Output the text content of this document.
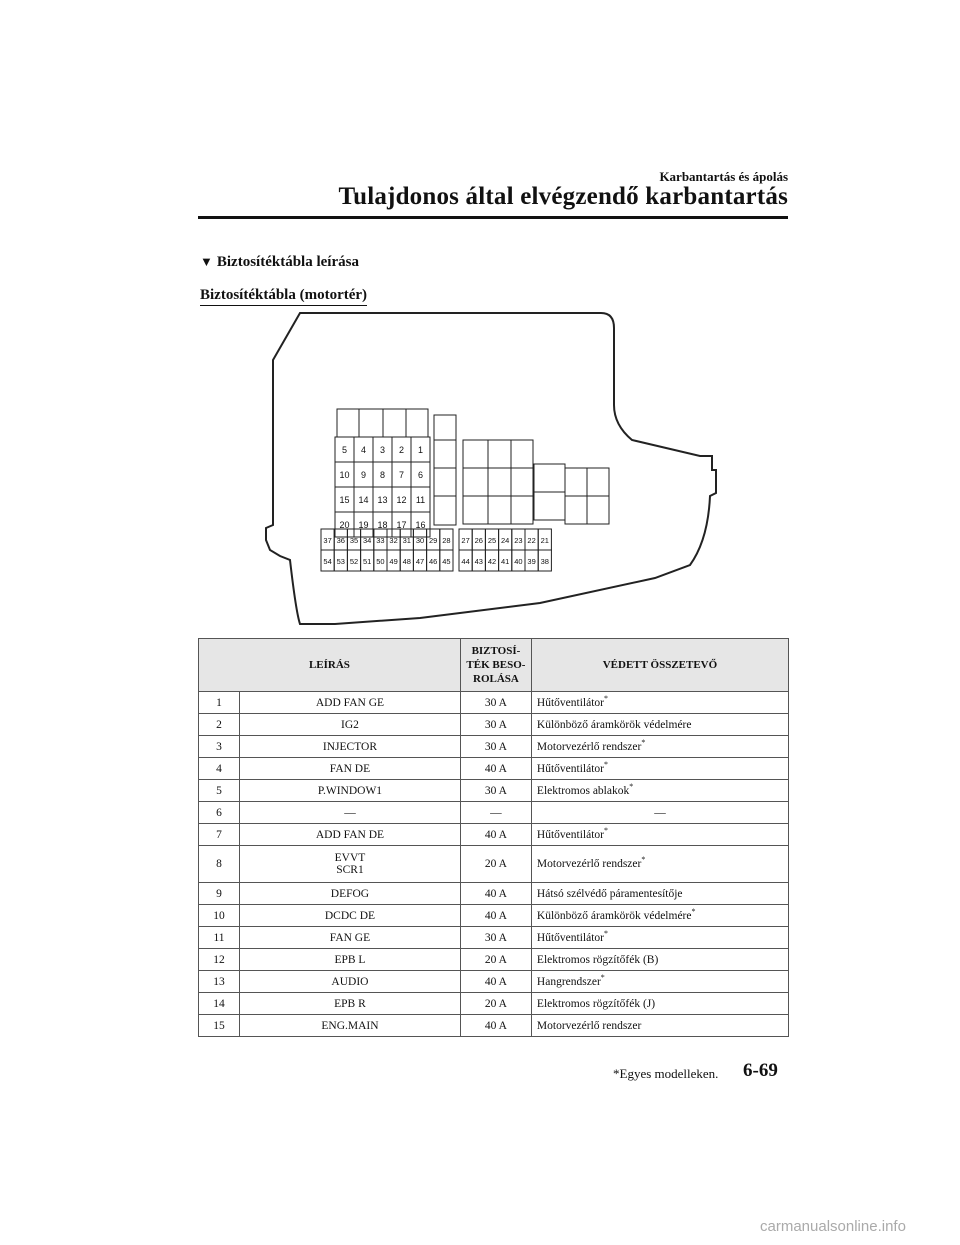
Karbantartás és ápolás
Tulajdonos által elvégzendő karbantartás
▼ Biztosítéktábla leírása
Biztosítéktábla (motortér)
5 4 3 2 1
10 9 8 7 6
15 14 13 12 11
20 19 18 17 16
37 36 35 34 33 32 31 30 29 28
54 53 52 51 50 49 48 47 46 45
27 26 25 24 23 22 21
44 43 42 41 40 39 38
LEÍRÁS		BIZTOSÍ-
TÉK BESO-
ROLÁSA	VÉDETT ÖSSZETEVŐ
1	ADD FAN GE	30 A	Hűtőventilátor*
2	IG2	30 A	Különböző áramkörök védelmére
3	INJECTOR	30 A	Motorvezérlő rendszer*
4	FAN DE	40 A	Hűtőventilátor*
5	P.WINDOW1	30 A	Elektromos ablakok*
6	—	—	—
7	ADD FAN DE	40 A	Hűtőventilátor*
8	EVVT
SCR1	20 A	Motorvezérlő rendszer*
9	DEFOG	40 A	Hátsó szélvédő páramentesítője
10	DCDC DE	40 A	Különböző áramkörök védelmére*
11	FAN GE	30 A	Hűtőventilátor*
12	EPB L	20 A	Elektromos rögzítőfék (B)
13	AUDIO	40 A	Hangrendszer*
14	EPB R	20 A	Elektromos rögzítőfék (J)
15	ENG.MAIN	40 A	Motorvezérlő rendszer
*Egyes modelleken. 6-69
carmanualsonline.info
